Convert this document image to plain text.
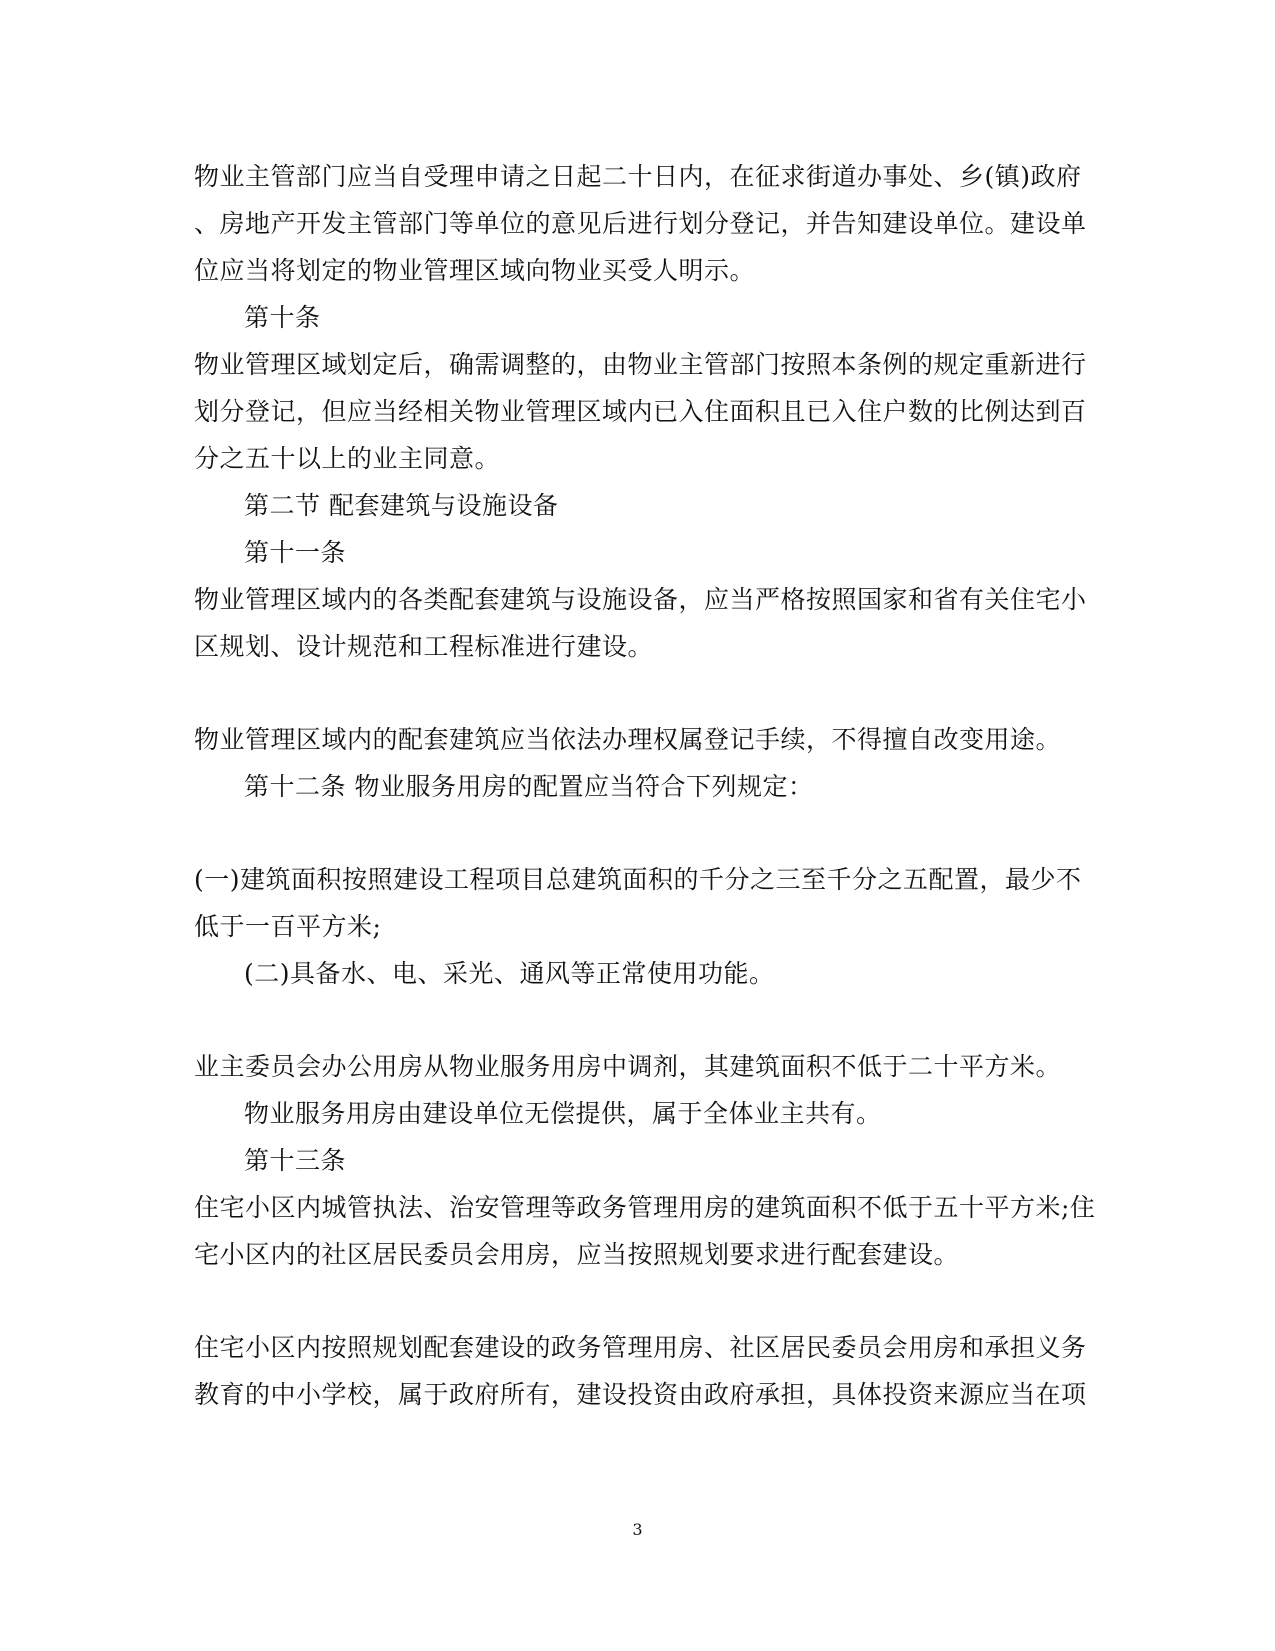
物业主管部门应当自受理申请之日起二十日内，在征求街道办事处、乡(镇)政府
、房地产开发主管部门等单位的意见后进行划分登记，并告知建设单位。建设单
位应当将划定的物业管理区域向物业买受人明示。
第十条
物业管理区域划定后，确需调整的，由物业主管部门按照本条例的规定重新进行
划分登记，但应当经相关物业管理区域内已入住面积且已入住户数的比例达到百
分之五十以上的业主同意。
第二节 配套建筑与设施设备
第十一条
物业管理区域内的各类配套建筑与设施设备，应当严格按照国家和省有关住宅小
区规划、设计规范和工程标准进行建设。
物业管理区域内的配套建筑应当依法办理权属登记手续，不得擅自改变用途。
第十二条 物业服务用房的配置应当符合下列规定：
(一)建筑面积按照建设工程项目总建筑面积的千分之三至千分之五配置，最少不
低于一百平方米;
(二)具备水、电、采光、通风等正常使用功能。
业主委员会办公用房从物业服务用房中调剂，其建筑面积不低于二十平方米。
物业服务用房由建设单位无偿提供，属于全体业主共有。
第十三条
住宅小区内城管执法、治安管理等政务管理用房的建筑面积不低于五十平方米;住
宅小区内的社区居民委员会用房，应当按照规划要求进行配套建设。
住宅小区内按照规划配套建设的政务管理用房、社区居民委员会用房和承担义务
教育的中小学校，属于政府所有，建设投资由政府承担，具体投资来源应当在项
3
